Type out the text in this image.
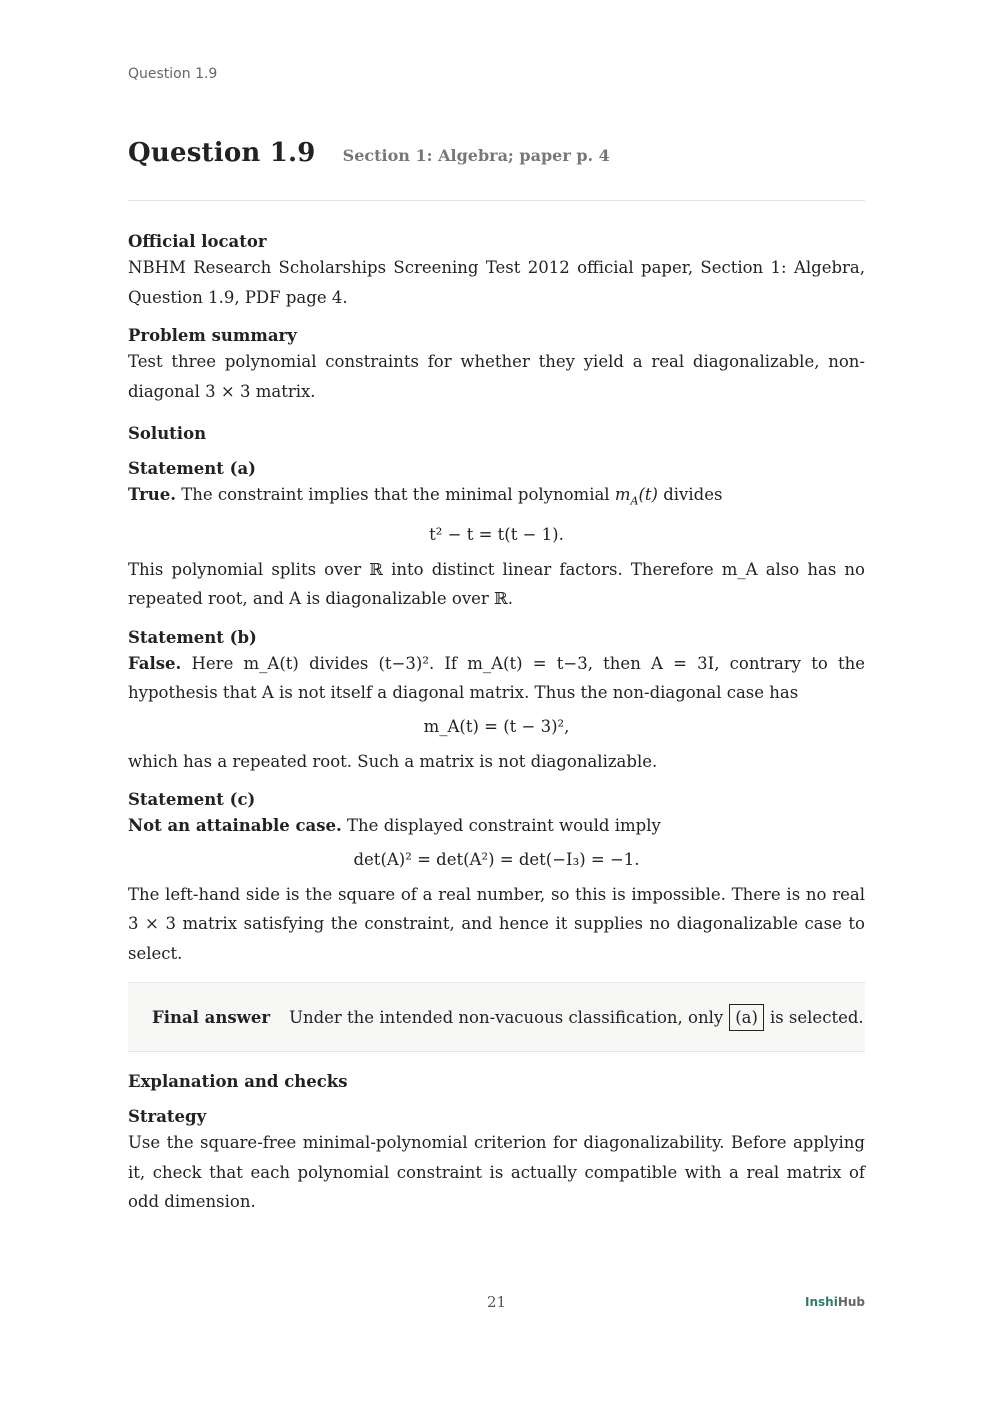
Question 1.9
Question 1.9 Section 1: Algebra; paper p. 4

Official locator

NBHM Research Scholarships Screening Test 2012 official paper, Section 1: Algebra, Question 1.9, PDF page 4.

Problem summary

Test three polynomial constraints for whether they yield a real diagonalizable, non-diagonal 3 × 3 matrix.

Solution

Statement (a)

True. The constraint implies that the minimal polynomial $m_A(t)$ divides

t² − t = t(t − 1).

This polynomial splits over ℝ into distinct linear factors. Therefore m_A also has no repeated root, and A is diagonalizable over ℝ.

Statement (b)

False. Here m_A(t) divides (t−3)². If m_A(t) = t−3, then A = 3I, contrary to the hypothesis that A is not itself a diagonal matrix. Thus the non-diagonal case has

m_A(t) = (t − 3)²,

which has a repeated root. Such a matrix is not diagonalizable.

Statement (c)

Not an attainable case. The displayed constraint would imply

det(A)² = det(A²) = det(−I₃) = −1.

The left-hand side is the square of a real number, so this is impossible. There is no real 3 × 3 matrix satisfying the constraint, and hence it supplies no diagonalizable case to select.

Final answer Under the intended non-vacuous classification, only (a) is selected.

Explanation and checks

Strategy

Use the square-free minimal-polynomial criterion for diagonalizability. Before applying it, check that each polynomial constraint is actually compatible with a real matrix of odd dimension.

21	InshiHub
